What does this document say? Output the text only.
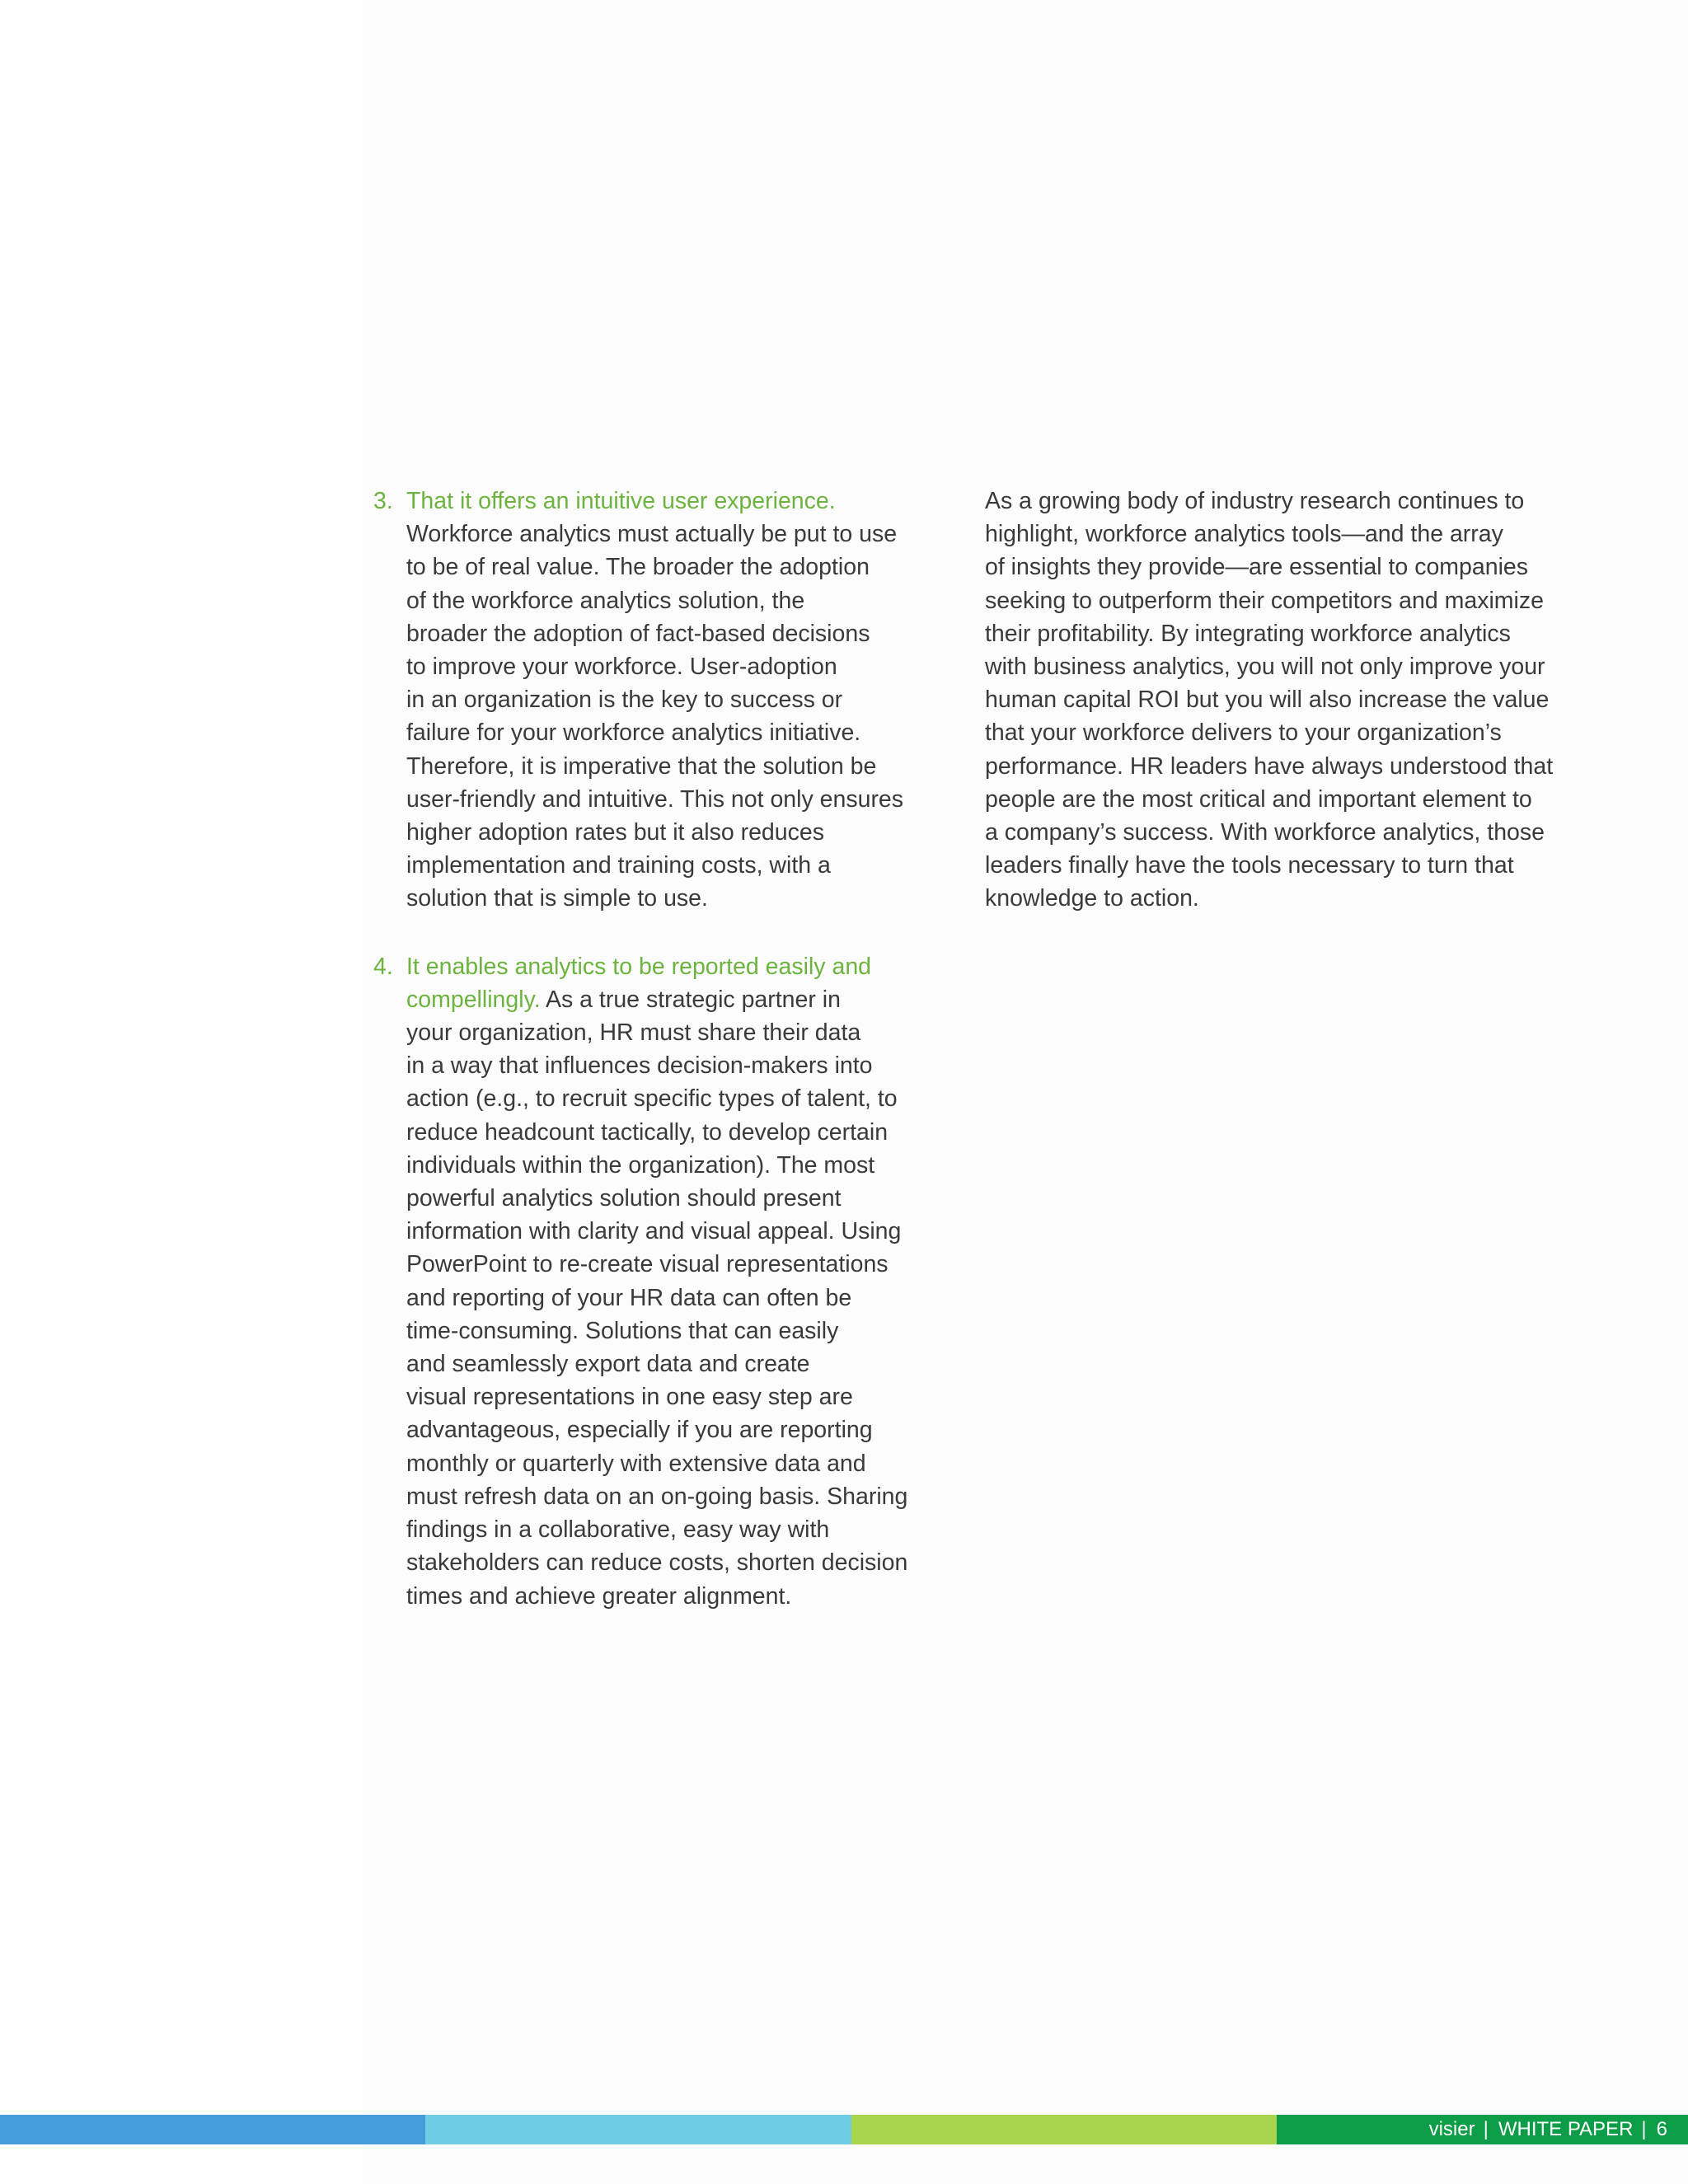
3. That it offers an intuitive user experience.
Workforce analytics must actually be put to use
to be of real value. The broader the adoption
of the workforce analytics solution, the
broader the adoption of fact-based decisions
to improve your workforce. User-adoption
in an organization is the key to success or
failure for your workforce analytics initiative.
Therefore, it is imperative that the solution be
user-friendly and intuitive. This not only ensures
higher adoption rates but it also reduces
implementation and training costs, with a
solution that is simple to use.
4. It enables analytics to be reported easily and
compellingly. As a true strategic partner in
your organization, HR must share their data
in a way that influences decision-makers into
action (e.g., to recruit specific types of talent, to
reduce headcount tactically, to develop certain
individuals within the organization). The most
powerful analytics solution should present
information with clarity and visual appeal. Using
PowerPoint to re-create visual representations
and reporting of your HR data can often be
time-consuming. Solutions that can easily
and seamlessly export data and create
visual representations in one easy step are
advantageous, especially if you are reporting
monthly or quarterly with extensive data and
must refresh data on an on-going basis. Sharing
findings in a collaborative, easy way with
stakeholders can reduce costs, shorten decision
times and achieve greater alignment.
As a growing body of industry research continues to
highlight, workforce analytics tools—and the array
of insights they provide—are essential to companies
seeking to outperform their competitors and maximize
their profitability. By integrating workforce analytics
with business analytics, you will not only improve your
human capital ROI but you will also increase the value
that your workforce delivers to your organization’s
performance. HR leaders have always understood that
people are the most critical and important element to
a company’s success. With workforce analytics, those
leaders finally have the tools necessary to turn that
knowledge to action.
visier | WHITE PAPER | 6
